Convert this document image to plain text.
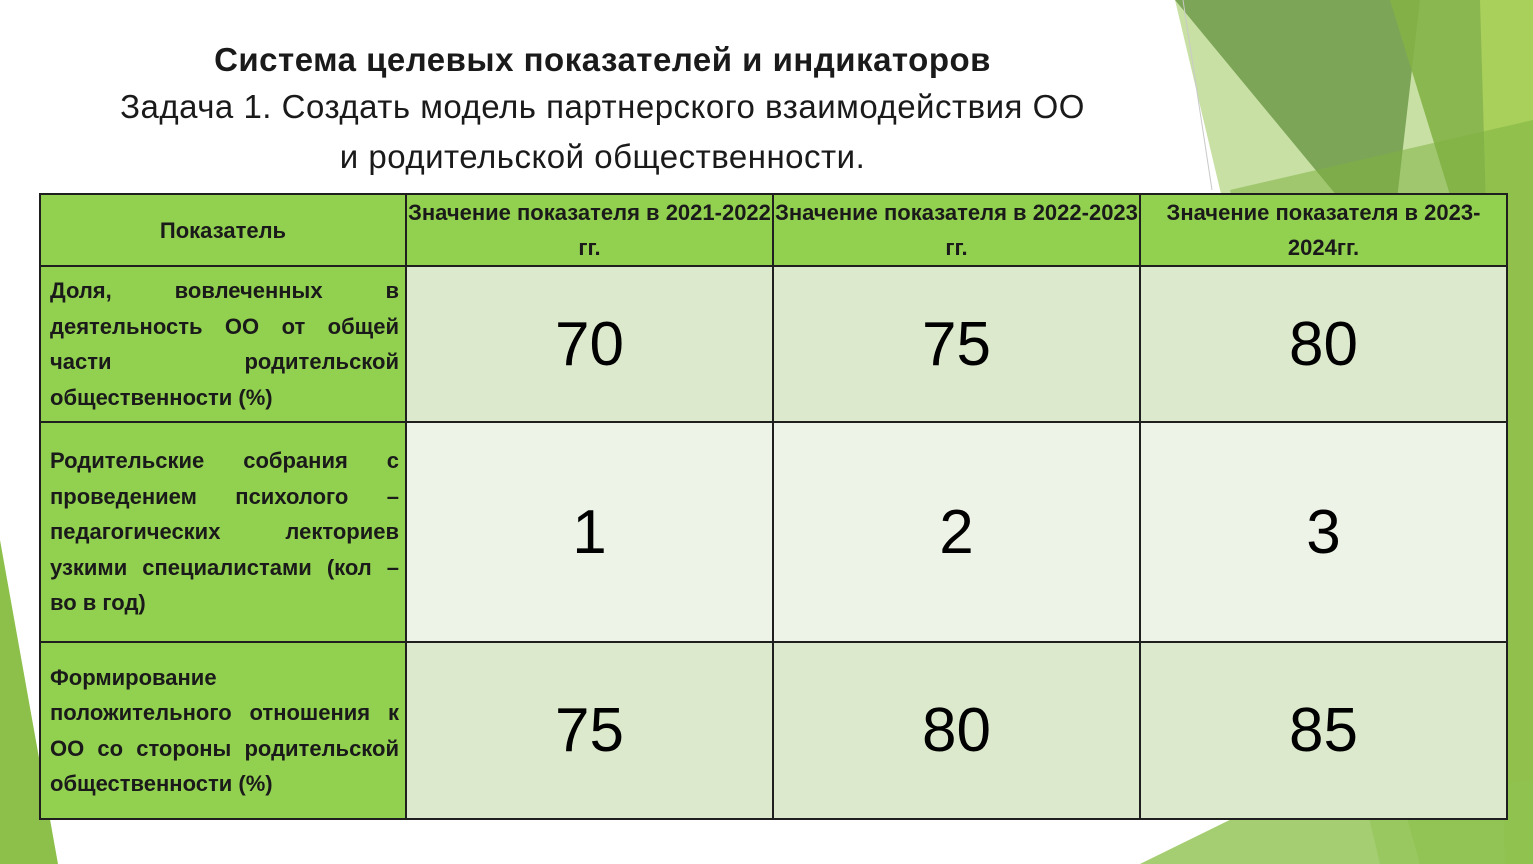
Система целевых показателей и индикаторов
Задача 1. Создать модель партнерского взаимодействия ОО
и родительской общественности.
Показатель	Значение показателя в 2021-2022 гг.	Значение показателя в 2022-2023 гг.	Значение показателя в 2023-2024гг.
Доля, вовлеченных в деятельность ОО от общей части родительской общественности (%)	70	75	80
Родительские собрания с проведением психолого – педагогических лекториев узкими специалистами (кол – во в год)	1	2	3
Формирование положительного отношения к ОО со стороны родительской общественности (%)	75	80	85
